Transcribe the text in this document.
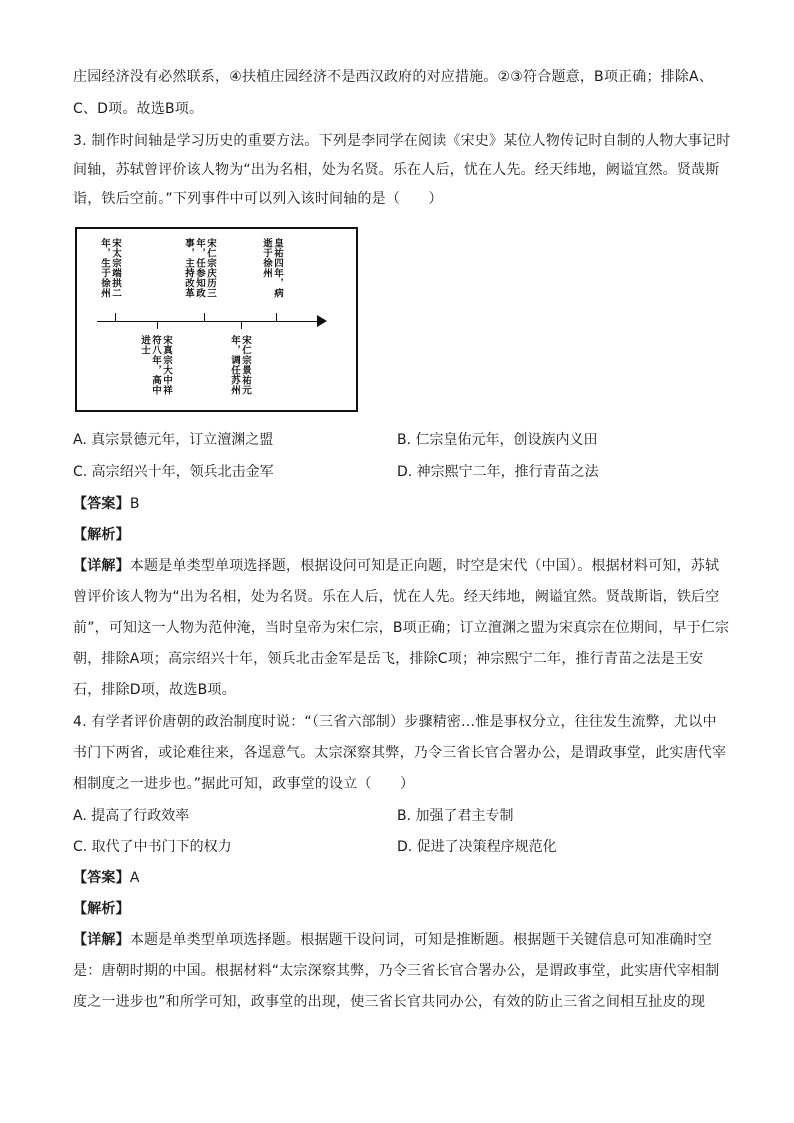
庄园经济没有必然联系，④扶植庄园经济不是西汉政府的对应措施。②③符合题意，B项正确；排除A、
C、D项。故选B项。
3. 制作时间轴是学习历史的重要方法。下列是李同学在阅读《宋史》某位人物传记时自制的人物大事记时
间轴，苏轼曾评价该人物为“出为名相，处为名贤。乐在人后，忧在人先。经天纬地，阙谥宜然。贤哉斯
诣，铁后空前。”下列事件中可以列入该时间轴的是（　　）
宋太宗端拱二
年，生于徐州	宋仁宗庆历三
年，任参知政
事，主持改革	皇祐四年，病
逝于徐州
宋真宗大中祥
符八年，高中
进士	宋仁宗景祐元
年，调任苏州
A. 真宗景德元年，订立澶渊之盟	B. 仁宗皇佑元年，创设族内义田
C. 高宗绍兴十年，领兵北击金军	D. 神宗熙宁二年，推行青苗之法
【答案】B
【解析】
【详解】本题是单类型单项选择题，根据设问可知是正向题，时空是宋代（中国）。根据材料可知，苏轼
曾评价该人物为“出为名相，处为名贤。乐在人后，忧在人先。经天纬地，阙谥宜然。贤哉斯诣，铁后空
前”，可知这一人物为范仲淹，当时皇帝为宋仁宗，B项正确；订立澶渊之盟为宋真宗在位期间，早于仁宗
朝，排除A项；高宗绍兴十年，领兵北击金军是岳飞，排除C项；神宗熙宁二年，推行青苗之法是王安
石，排除D项，故选B项。
4. 有学者评价唐朝的政治制度时说：“（三省六部制）步骤精密…惟是事权分立，往往发生流弊，尤以中
书门下两省，或论难往来，各逞意气。太宗深察其弊，乃令三省长官合署办公，是谓政事堂，此实唐代宰
相制度之一进步也。”据此可知，政事堂的设立（　　）
A. 提高了行政效率	B. 加强了君主专制
C. 取代了中书门下的权力	D. 促进了决策程序规范化
【答案】A
【解析】
【详解】本题是单类型单项选择题。根据题干设问词，可知是推断题。根据题干关键信息可知准确时空
是：唐朝时期的中国。根据材料“太宗深察其弊，乃令三省长官合署办公，是谓政事堂，此实唐代宰相制
度之一进步也”和所学可知，政事堂的出现，使三省长官共同办公，有效的防止三省之间相互扯皮的现
